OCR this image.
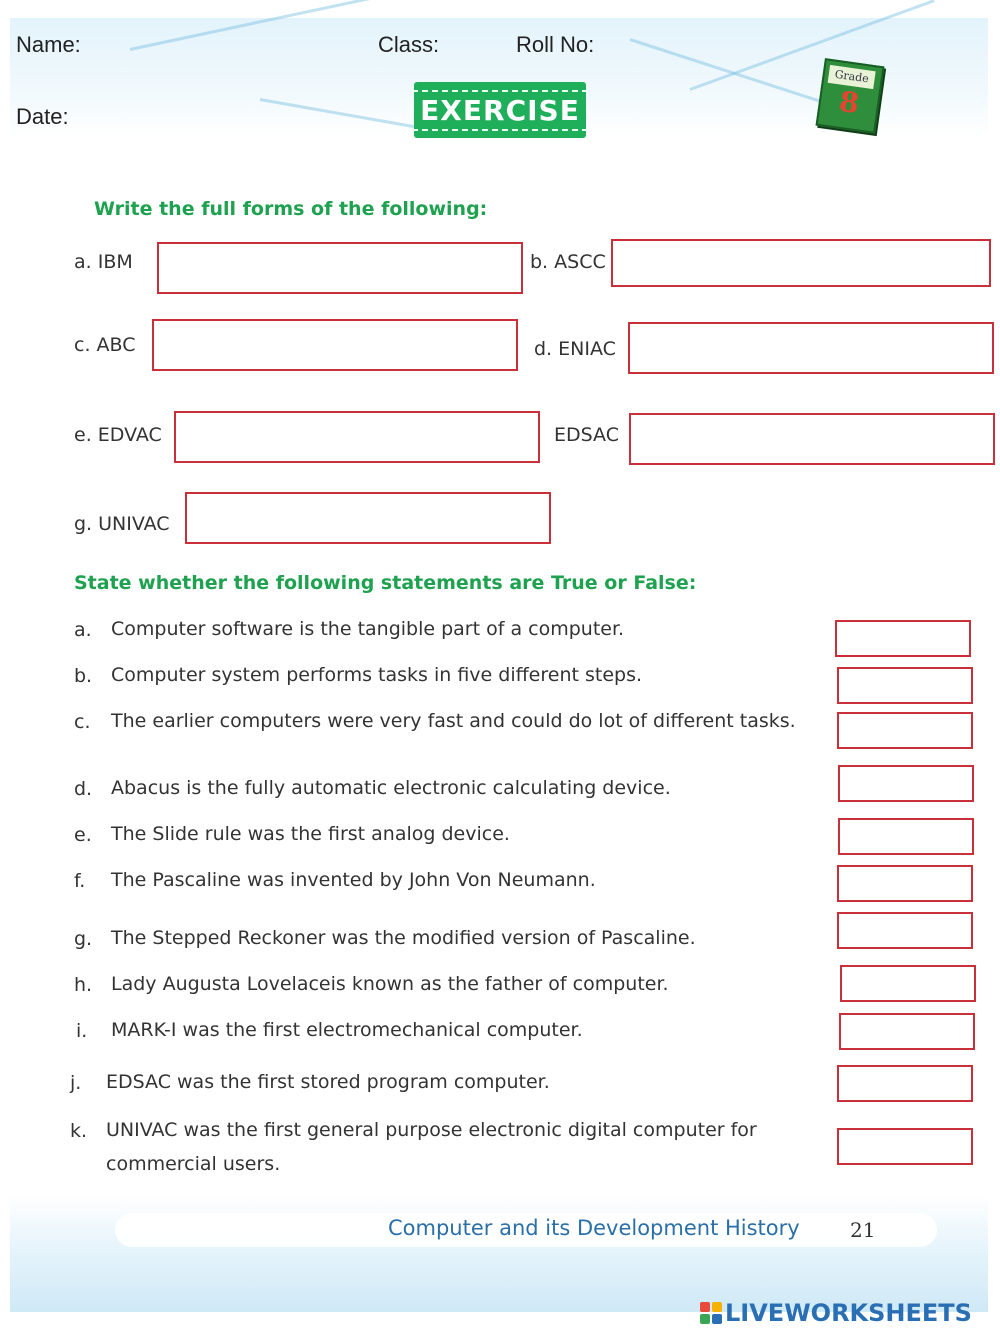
Name:	Class:	Roll No:
Date:	EXERCISE
Grade
8
Write the full forms of the following:
a. IBM	b. ASCC
c. ABC	d. ENIAC
e. EDVAC	EDSAC
g. UNIVAC
State whether the following statements are True or False:
a. Computer software is the tangible part of a computer.
b. Computer system performs tasks in five different steps.
c. The earlier computers were very fast and could do lot of different tasks.
d. Abacus is the fully automatic electronic calculating device.
e. The Slide rule was the first analog device.
f. The Pascaline was invented by John Von Neumann.
g. The Stepped Reckoner was the modified version of Pascaline.
h. Lady Augusta Lovelaceis known as the father of computer.
i. MARK-I was the first electromechanical computer.
j. EDSAC was the first stored program computer.
k. UNIVAC was the first general purpose electronic digital computer for commercial users.
Computer and its Development History	21
LIVEWORKSHEETS
